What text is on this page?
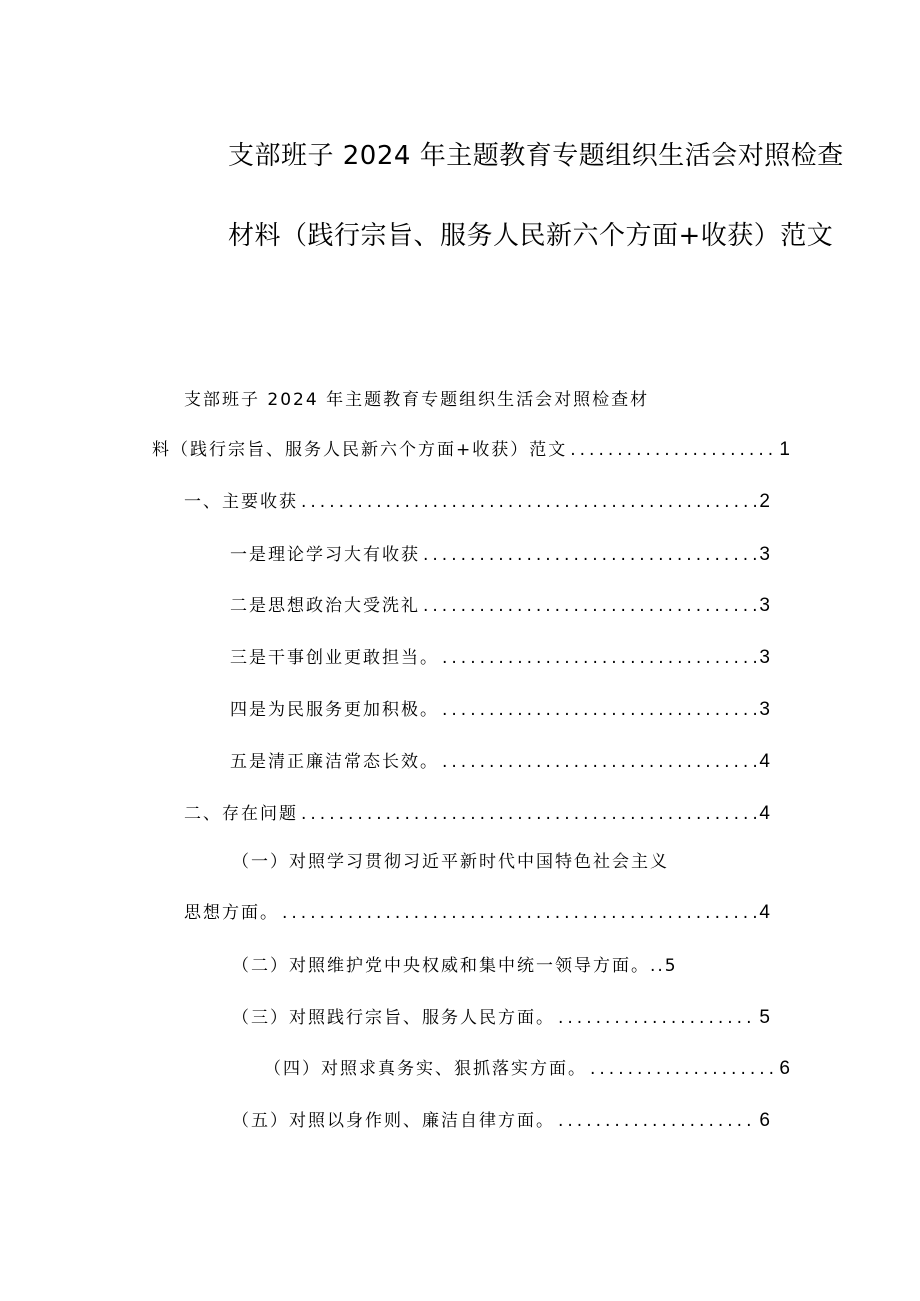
支部班子 2024 年主题教育专题组织生活会对照检查
材料（践行宗旨、服务人民新六个方面+收获）范文
支部班子 2024 年主题教育专题组织生活会对照检查材
料（践行宗旨、服务人民新六个方面+收获）范文 .....	1
一、主要收获 .....	2
一是理论学习大有收获 .....	3
二是思想政治大受洗礼 .....	3
三是干事创业更敢担当。 .....	3
四是为民服务更加积极。 .....	3
五是清正廉洁常态长效。 .....	4
二、存在问题 .....	4
（一）对照学习贯彻习近平新时代中国特色社会主义
思想方面。 .....	4
（二）对照维护党中央权威和集中统一领导方面。..5
（三）对照践行宗旨、服务人民方面。 .....	5
（四）对照求真务实、狠抓落实方面。 .....	6
（五）对照以身作则、廉洁自律方面。 .....	6
